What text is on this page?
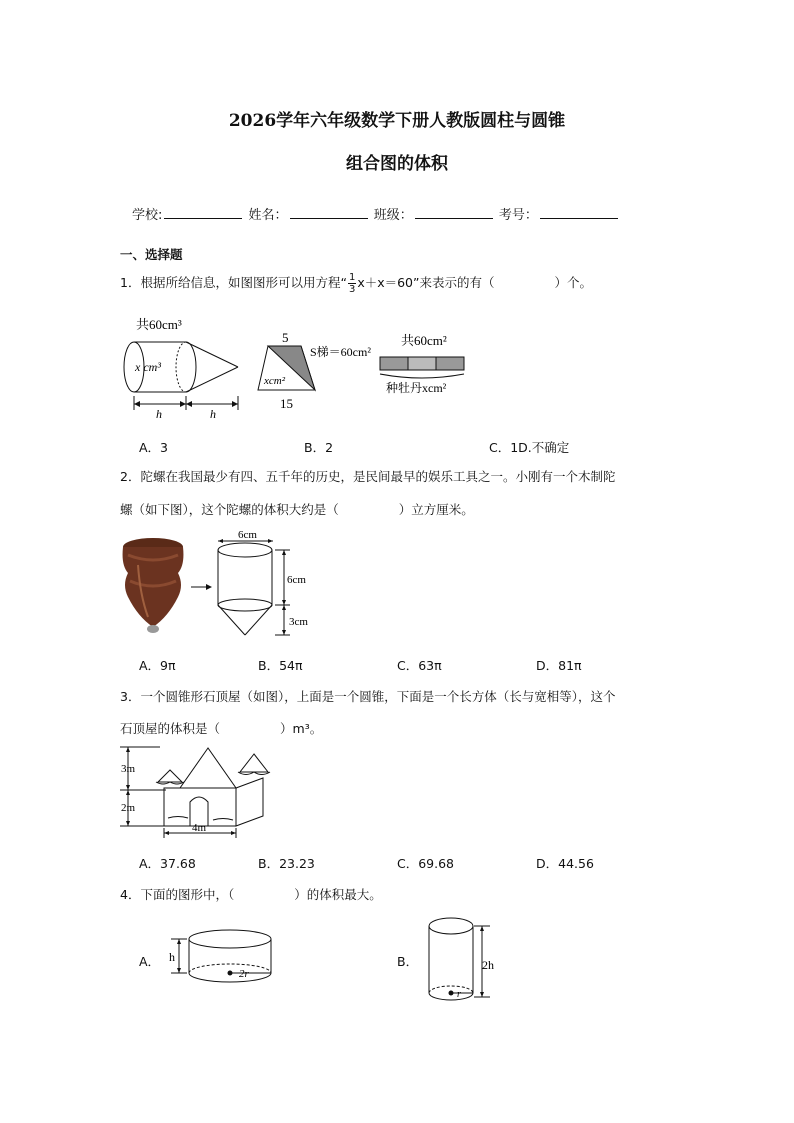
2026学年六年级数学下册人教版圆柱与圆锥
组合图的体积
学校:	姓名：	班级：	考号：
一、选择题
1．根据所给信息，如图图形可以用方程“ $\frac{1}{3} x+x=60$”来表示的有（	）个。
共60cm³
x cm³
h	h
5
S梯＝60cm²
xcm²
15
共60cm²
种牡丹xcm²
A．3	B．2	C．1D.不确定
2．陀螺在我国最少有四、五千年的历史，是民间最早的娱乐工具之一。小刚有一个木制陀
螺（如下图），这个陀螺的体积大约是（	）立方厘米。
6cm
6cm
3cm
A．9π	B．54π	C．63π	D．81π
3．一个圆锥形石顶屋（如图），上面是一个圆锥，下面是一个长方体（长与宽相等），这个
石顶屋的体积是（	）m³。
3m
2m
4m
A．37.68	B．23.23	C．69.68	D．44.56
4．下面的图形中，（	）的体积最大。
A． h
2r
B．
r
2h
